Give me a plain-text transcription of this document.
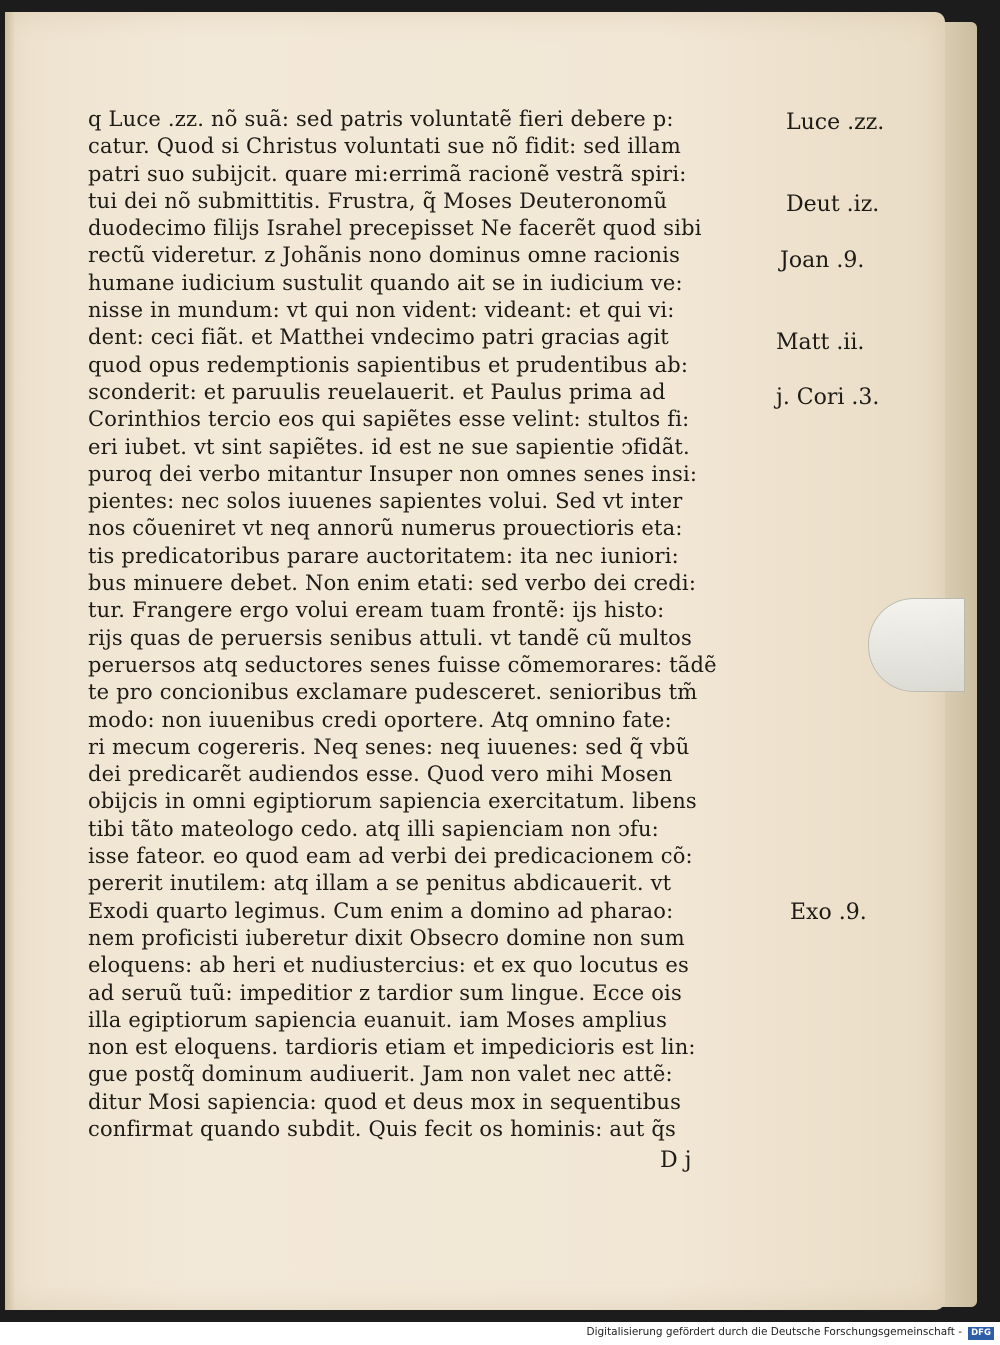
q Luce .zz. nõ suã: sed patris voluntatẽ fieri debere p:
catur. Quod si Christus voluntati sue nõ fidit: sed illam
patri suo subijcit. quare mi:errimã racionẽ vestrã spiri:
tui dei nõ submittitis. Frustra, q̃ Moses Deuteronomũ
duodecimo filijs Israhel precepisset Ne facerẽt quod sibi
rectũ videretur. z Johãnis nono dominus omne racionis
humane iudicium sustulit quando ait se in iudicium ve:
nisse in mundum: vt qui non vident: videant: et qui vi:
dent: ceci fiãt. et Matthei vndecimo patri gracias agit
quod opus redemptionis sapientibus et prudentibus ab:
sconderit: et paruulis reuelauerit. et Paulus prima ad
Corinthios tercio eos qui sapiẽtes esse velint: stultos fi:
eri iubet. vt sint sapiẽtes. id est ne sue sapientie ↄfidãt.
puroq dei verbo mitantur Insuper non omnes senes insi:
pientes: nec solos iuuenes sapientes volui. Sed vt inter
nos cõueniret vt neq annorũ numerus prouectioris eta:
tis predicatoribus parare auctoritatem: ita nec iuniori:
bus minuere debet. Non enim etati: sed verbo dei credi:
tur. Frangere ergo volui eream tuam frontẽ: ijs histo:
rijs quas de peruersis senibus attuli. vt tandẽ cũ multos
peruersos atq seductores senes fuisse cõmemorares: tãdẽ
te pro concionibus exclamare pudesceret. senioribus tm̃
modo: non iuuenibus credi oportere. Atq omnino fate:
ri mecum cogereris. Neq senes: neq iuuenes: sed q̃ vbũ
dei predicarẽt audiendos esse. Quod vero mihi Mosen
obijcis in omni egiptiorum sapiencia exercitatum. libens
tibi tãto mateologo cedo. atq illi sapienciam non ↄfu:
isse fateor. eo quod eam ad verbi dei predicacionem cõ:
pererit inutilem: atq illam a se penitus abdicauerit. vt
Exodi quarto legimus. Cum enim a domino ad pharao:
nem proficisti iuberetur dixit Obsecro domine non sum
eloquens: ab heri et nudiustercius: et ex quo locutus es
ad seruũ tuũ: impeditior z tardior sum lingue. Ecce ois
illa egiptiorum sapiencia euanuit. iam Moses amplius
non est eloquens. tardioris etiam et impedicioris est lin:
gue postq̃ dominum audiuerit. Jam non valet nec attẽ:
ditur Mosi sapiencia: quod et deus mox in sequentibus
confirmat quando subdit. Quis fecit os hominis: aut q̃s
Luce .zz.
Deut .iz.
Joan .9.
Matt .ii.
j. Cori .3.
Exo .9.
D j
Digitalisierung gefördert durch die Deutsche Forschungsgemeinschaft -	DFG
